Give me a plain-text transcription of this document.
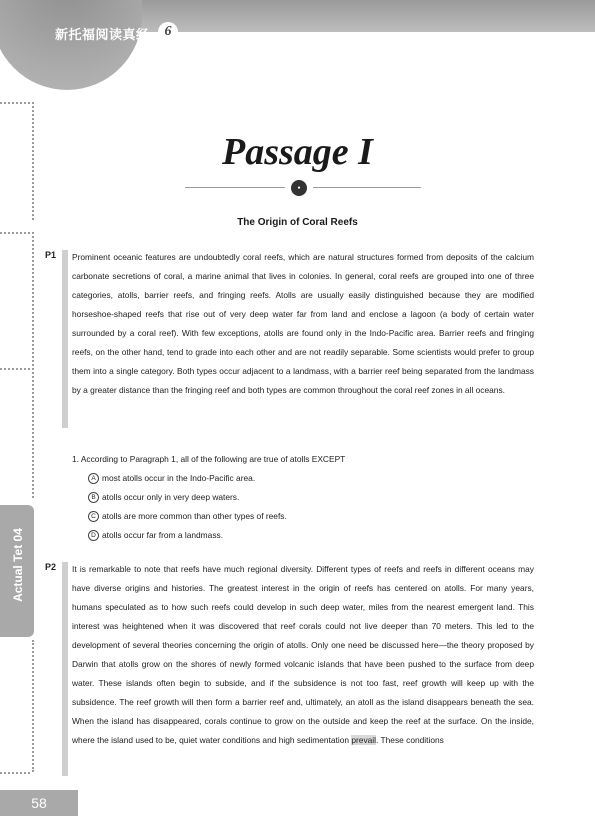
新托福阅读真经	6
Actual Tet 04
Passage I
●
The Origin of Coral Reefs
P1 Prominent oceanic features are undoubtedly coral reefs, which are natural structures formed from deposits of the calcium carbonate secretions of coral, a marine animal that lives in colonies. In general, coral reefs are grouped into one of three categories, atolls, barrier reefs, and fringing reefs. Atolls are usually easily distinguished because they are modified horseshoe-shaped reefs that rise out of very deep water far from land and enclose a lagoon (a body of certain water surrounded by a coral reef). With few exceptions, atolls are found only in the Indo-Pacific area. Barrier reefs and fringing reefs, on the other hand, tend to grade into each other and are not readily separable. Some scientists would prefer to group them into a single category. Both types occur adjacent to a landmass, with a barrier reef being separated from the landmass by a greater distance than the fringing reef and both types are common throughout the coral reef zones in all oceans.
1. According to Paragraph 1, all of the following are true of atolls EXCEPT
A most atolls occur in the Indo-Pacific area.
B atolls occur only in very deep waters.
C atolls are more common than other types of reefs.
D atolls occur far from a landmass.
P2 It is remarkable to note that reefs have much regional diversity. Different types of reefs and reefs in different oceans may have diverse origins and histories. The greatest interest in the origin of reefs has centered on atolls. For many years, humans speculated as to how such reefs could develop in such deep water, miles from the nearest emergent land. This interest was heightened when it was discovered that reef corals could not live deeper than 70 meters. This led to the development of several theories concerning the origin of atolls. Only one need be discussed here—the theory proposed by Darwin that atolls grow on the shores of newly formed volcanic islands that have been pushed to the surface from deep water. These islands often begin to subside, and if the subsidence is not too fast, reef growth will keep up with the subsidence. The reef growth will then form a barrier reef and, ultimately, an atoll as the island disappears beneath the sea. When the island has disappeared, corals continue to grow on the outside and keep the reef at the surface. On the inside, where the island used to be, quiet water conditions and high sedimentation prevail. These conditions
58
